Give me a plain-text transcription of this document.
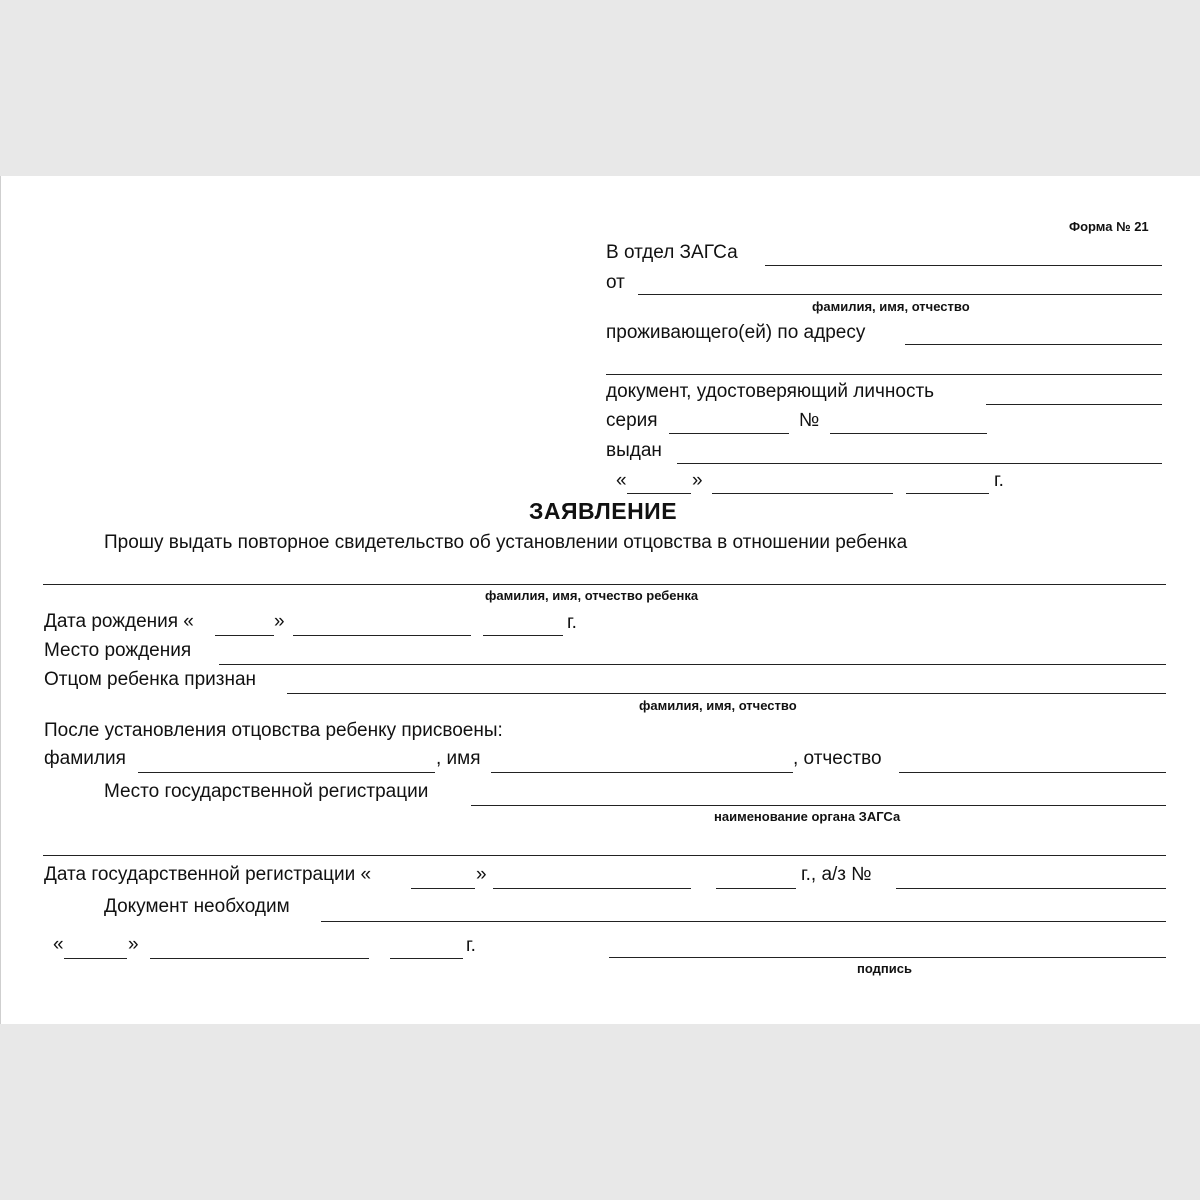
Форма № 21
В отдел ЗАГСа
от
фамилия, имя, отчество
проживающего(ей) по адресу
документ, удостоверяющий личность
серия	№
выдан
«	»	г.
ЗАЯВЛЕНИЕ
Прошу выдать повторное свидетельство об установлении отцовства в отношении ребенка
фамилия, имя, отчество ребенка
Дата рождения «	»	г.
Место рождения
Отцом ребенка признан
фамилия, имя, отчество
После установления отцовства ребенку присвоены:
фамилия	, имя	, отчество
Место государственной регистрации
наименование органа ЗАГСа
Дата государственной регистрации «	»	г., а/з №
Документ необходим
«	»	г.
подпись
